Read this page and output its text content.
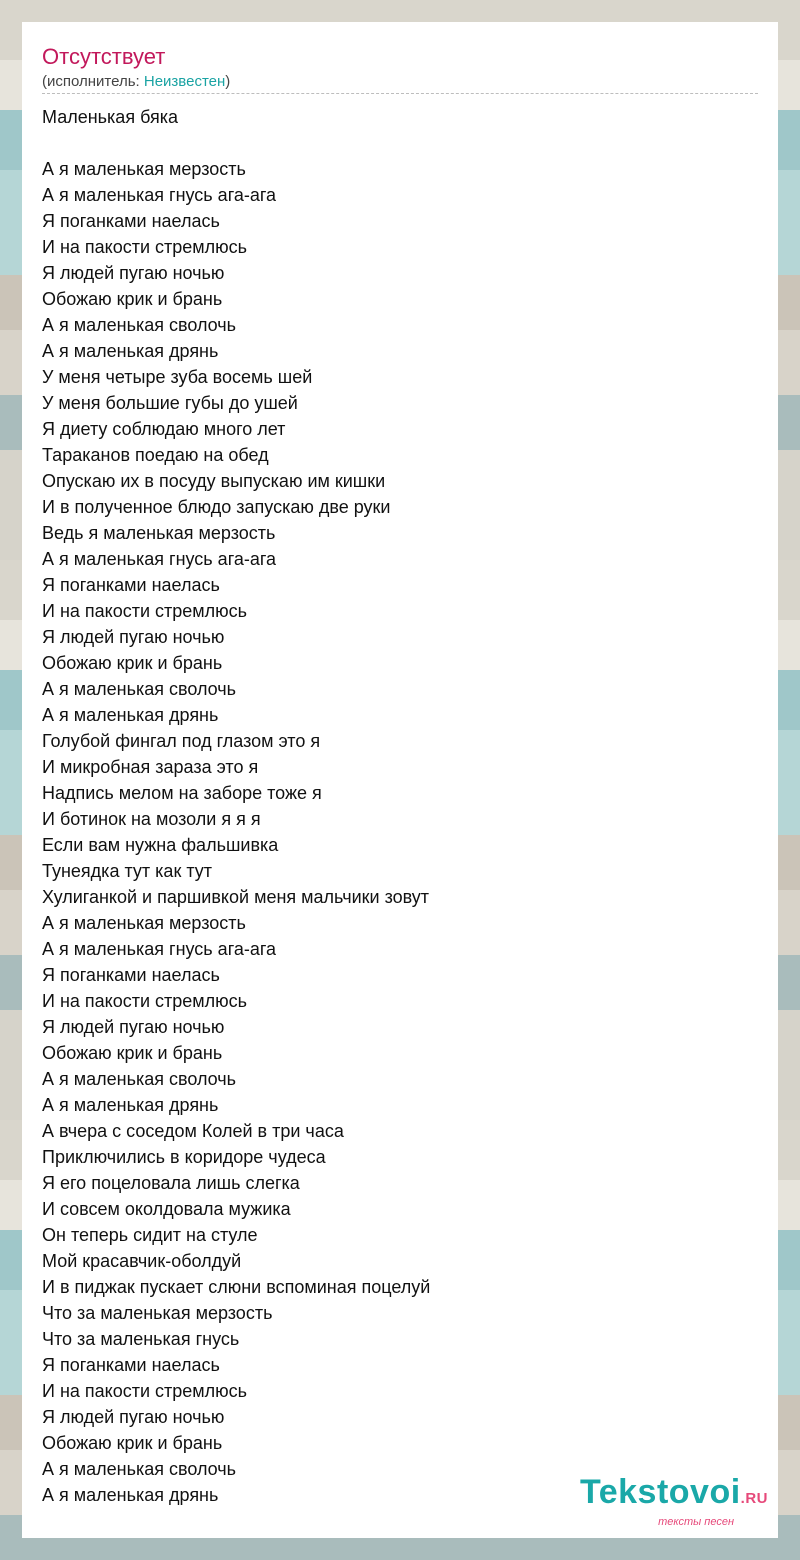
Отсутствует
(исполнитель: Неизвестен)
Маленькая бяка
А я маленькая мерзость
А я маленькая гнусь ага-ага
Я поганками наелась
И на пакости стремлюсь
Я людей пугаю ночью
Обожаю крик и брань
А я маленькая сволочь
А я маленькая дрянь
У меня четыре зуба восемь шей
У меня большие губы до ушей
Я диету соблюдаю много лет
Тараканов поедаю на обед
Опускаю их в посуду выпускаю им кишки
И в полученное блюдо запускаю две руки
Ведь я маленькая мерзость
А я маленькая гнусь ага-ага
Я поганками наелась
И на пакости стремлюсь
Я людей пугаю ночью
Обожаю крик и брань
А я маленькая сволочь
А я маленькая дрянь
Голубой фингал под глазом это я
И микробная зараза это я
Надпись мелом на заборе тоже я
И ботинок на мозоли я я я
Если вам нужна фальшивка
Тунеядка тут как тут
Хулиганкой и паршивкой меня мальчики зовут
А я маленькая мерзость
А я маленькая гнусь ага-ага
Я поганками наелась
И на пакости стремлюсь
Я людей пугаю ночью
Обожаю крик и брань
А я маленькая сволочь
А я маленькая дрянь
А вчера с соседом Колей в три часа
Приключились в коридоре чудеса
Я его поцеловала лишь слегка
И совсем околдовала мужика
Он теперь сидит на стуле
Мой красавчик-оболдуй
И в пиджак пускает слюни вспоминая поцелуй
Что за маленькая мерзость
Что за маленькая гнусь
Я поганками наелась
И на пакости стремлюсь
Я людей пугаю ночью
Обожаю крик и брань
А я маленькая сволочь
А я маленькая дрянь	Tekstovoi.RU
тексты песен
